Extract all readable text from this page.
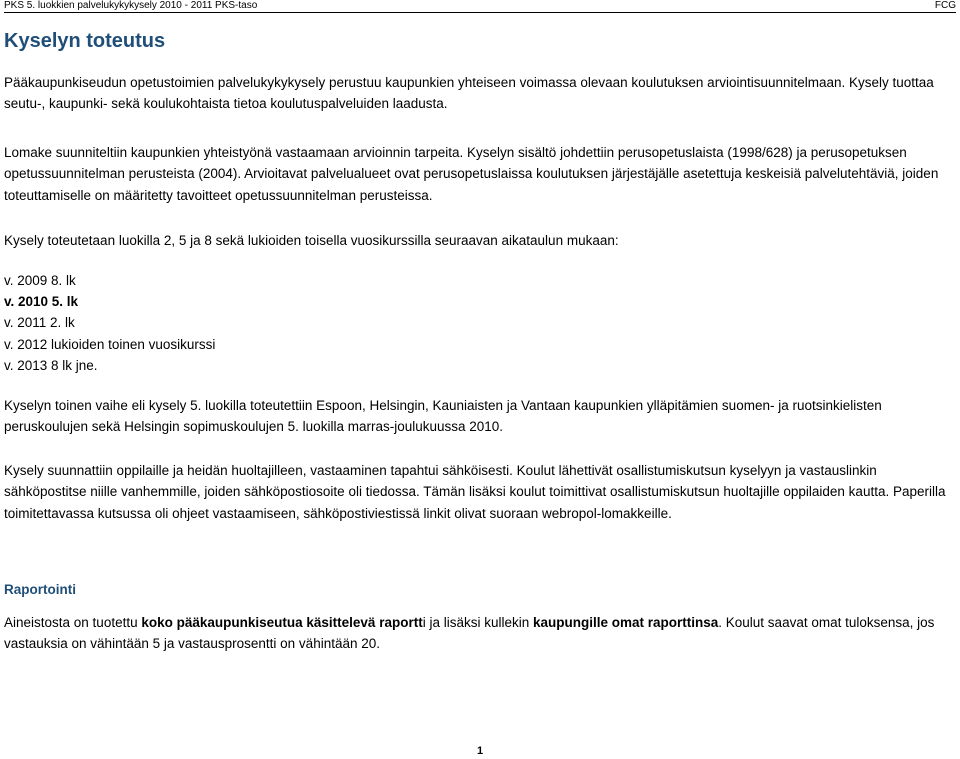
PKS 5. luokkien palvelukykykysely 2010 - 2011 PKS-taso	FCG
Kyselyn toteutus

Pääkaupunkiseudun opetustoimien palvelukykykysely perustuu kaupunkien yhteiseen voimassa olevaan koulutuksen arviointisuunnitelmaan. Kysely tuottaa seutu-, kaupunki- sekä koulukohtaista tietoa koulutuspalveluiden laadusta.

Lomake suunniteltiin kaupunkien yhteistyönä vastaamaan arvioinnin tarpeita. Kyselyn sisältö johdettiin perusopetuslaista (1998/628) ja perusopetuksen opetussuunnitelman perusteista (2004). Arvioitavat palvelualueet ovat perusopetuslaissa koulutuksen järjestäjälle asetettuja keskeisiä palvelutehtäviä, joiden toteuttamiselle on määritetty tavoitteet opetussuunnitelman perusteissa.

Kysely toteutetaan luokilla 2, 5 ja 8 sekä lukioiden toisella vuosikurssilla seuraavan aikataulun mukaan:

v. 2009 8. lk
v. 2010 5. lk
v. 2011 2. lk
v. 2012 lukioiden toinen vuosikurssi
v. 2013 8 lk jne.

Kyselyn toinen vaihe eli kysely 5. luokilla toteutettiin Espoon, Helsingin, Kauniaisten ja Vantaan kaupunkien ylläpitämien suomen- ja ruotsinkielisten peruskoulujen sekä Helsingin sopimuskoulujen 5. luokilla marras-joulukuussa 2010.

Kysely suunnattiin oppilaille ja heidän huoltajilleen, vastaaminen tapahtui sähköisesti. Koulut lähettivät osallistumiskutsun kyselyyn ja vastauslinkin sähköpostitse niille vanhemmille, joiden sähköpostiosoite oli tiedossa. Tämän lisäksi koulut toimittivat osallistumiskutsun huoltajille oppilaiden kautta. Paperilla toimitettavassa kutsussa oli ohjeet vastaamiseen, sähköpostiviestissä linkit olivat suoraan webropol-lomakkeille.

Raportointi

Aineistosta on tuotettu koko pääkaupunkiseutua käsittelevä raportti ja lisäksi kullekin kaupungille omat raporttinsa. Koulut saavat omat tuloksensa, jos vastauksia on vähintään 5 ja vastausprosentti on vähintään 20.

1
